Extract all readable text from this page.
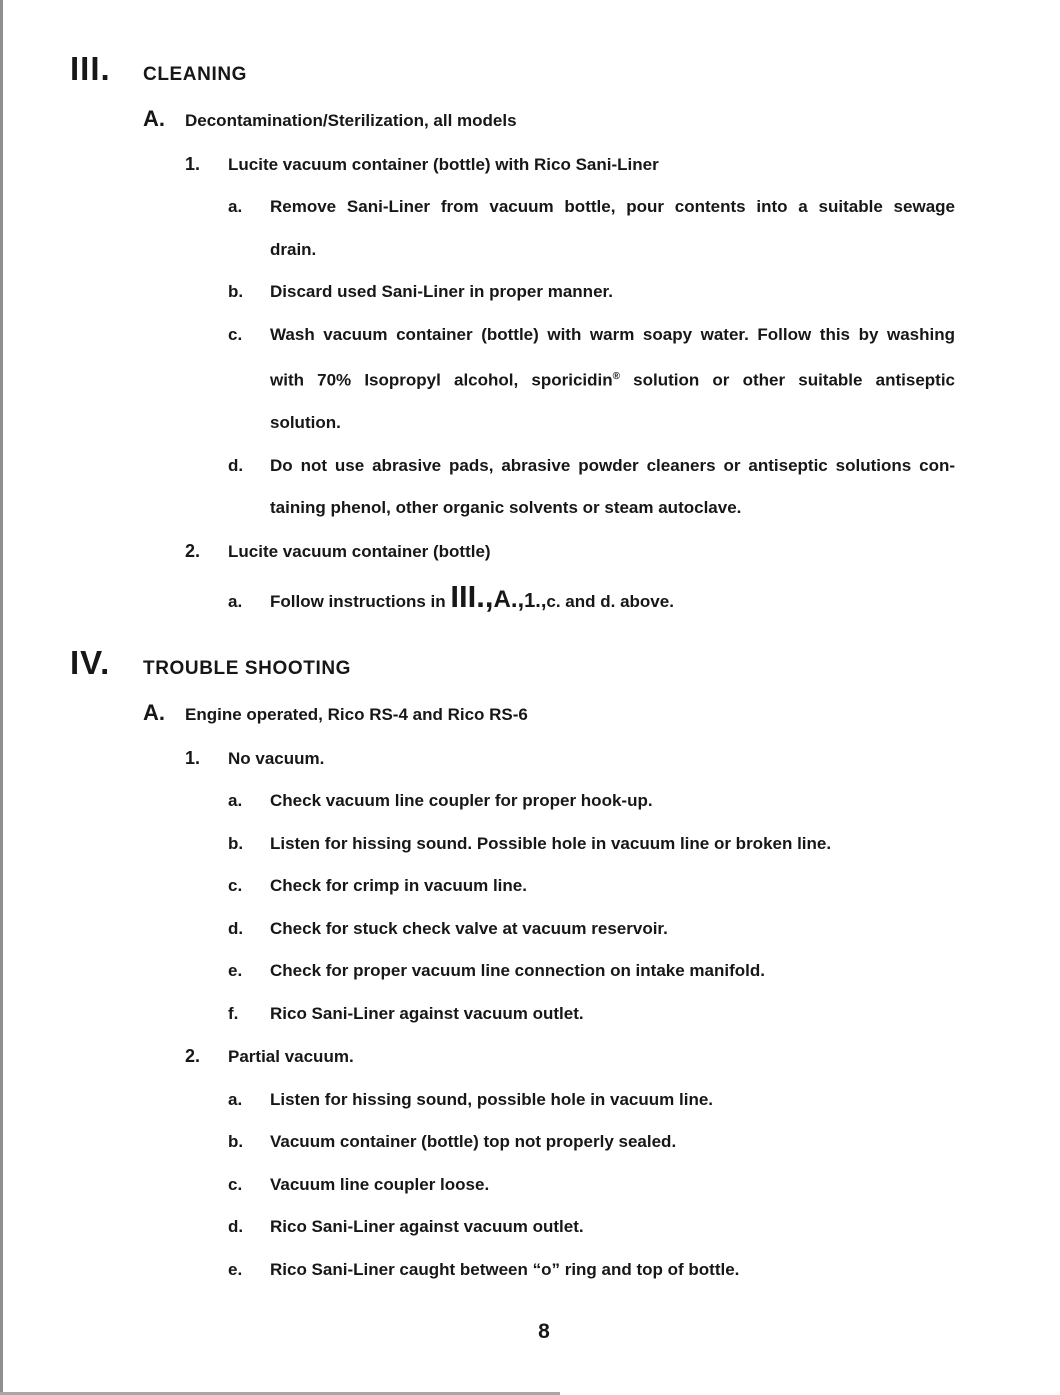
III.	CLEANING
A.	Decontamination/Sterilization, all models
1.	Lucite vacuum container (bottle) with Rico Sani-Liner
a.	Remove Sani-Liner from vacuum bottle, pour contents into a suitable sewage
drain.
b.	Discard used Sani-Liner in proper manner.
c.	Wash vacuum container (bottle) with warm soapy water. Follow this by washing
with 70% Isopropyl alcohol, sporicidin® solution or other suitable antiseptic
solution.
d.	Do not use abrasive pads, abrasive powder cleaners or antiseptic solutions con-
taining phenol, other organic solvents or steam autoclave.
2.	Lucite vacuum container (bottle)
a.	Follow instructions in III.,A.,1.,c. and d. above.
IV.	TROUBLE SHOOTING
A.	Engine operated, Rico RS-4 and Rico RS-6
1.	No vacuum.
a.	Check vacuum line coupler for proper hook-up.
b.	Listen for hissing sound. Possible hole in vacuum line or broken line.
c.	Check for crimp in vacuum line.
d.	Check for stuck check valve at vacuum reservoir.
e.	Check for proper vacuum line connection on intake manifold.
f.	Rico Sani-Liner against vacuum outlet.
2.	Partial vacuum.
a.	Listen for hissing sound, possible hole in vacuum line.
b.	Vacuum container (bottle) top not properly sealed.
c.	Vacuum line coupler loose.
d.	Rico Sani-Liner against vacuum outlet.
e.	Rico Sani-Liner caught between “o” ring and top of bottle.
8
